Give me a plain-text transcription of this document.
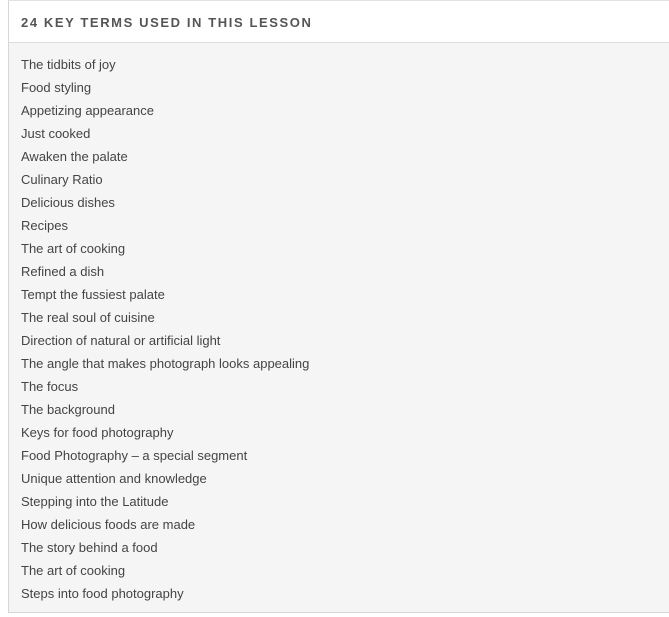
24 KEY TERMS USED IN THIS LESSON
The tidbits of joy
Food styling
Appetizing appearance
Just cooked
Awaken the palate
Culinary Ratio
Delicious dishes
Recipes
The art of cooking
Refined a dish
Tempt the fussiest palate
The real soul of cuisine
Direction of natural or artificial light
The angle that makes photograph looks appealing
The focus
The background
Keys for food photography
Food Photography – a special segment
Unique attention and knowledge
Stepping into the Latitude
How delicious foods are made
The story behind a food
The art of cooking
Steps into food photography
